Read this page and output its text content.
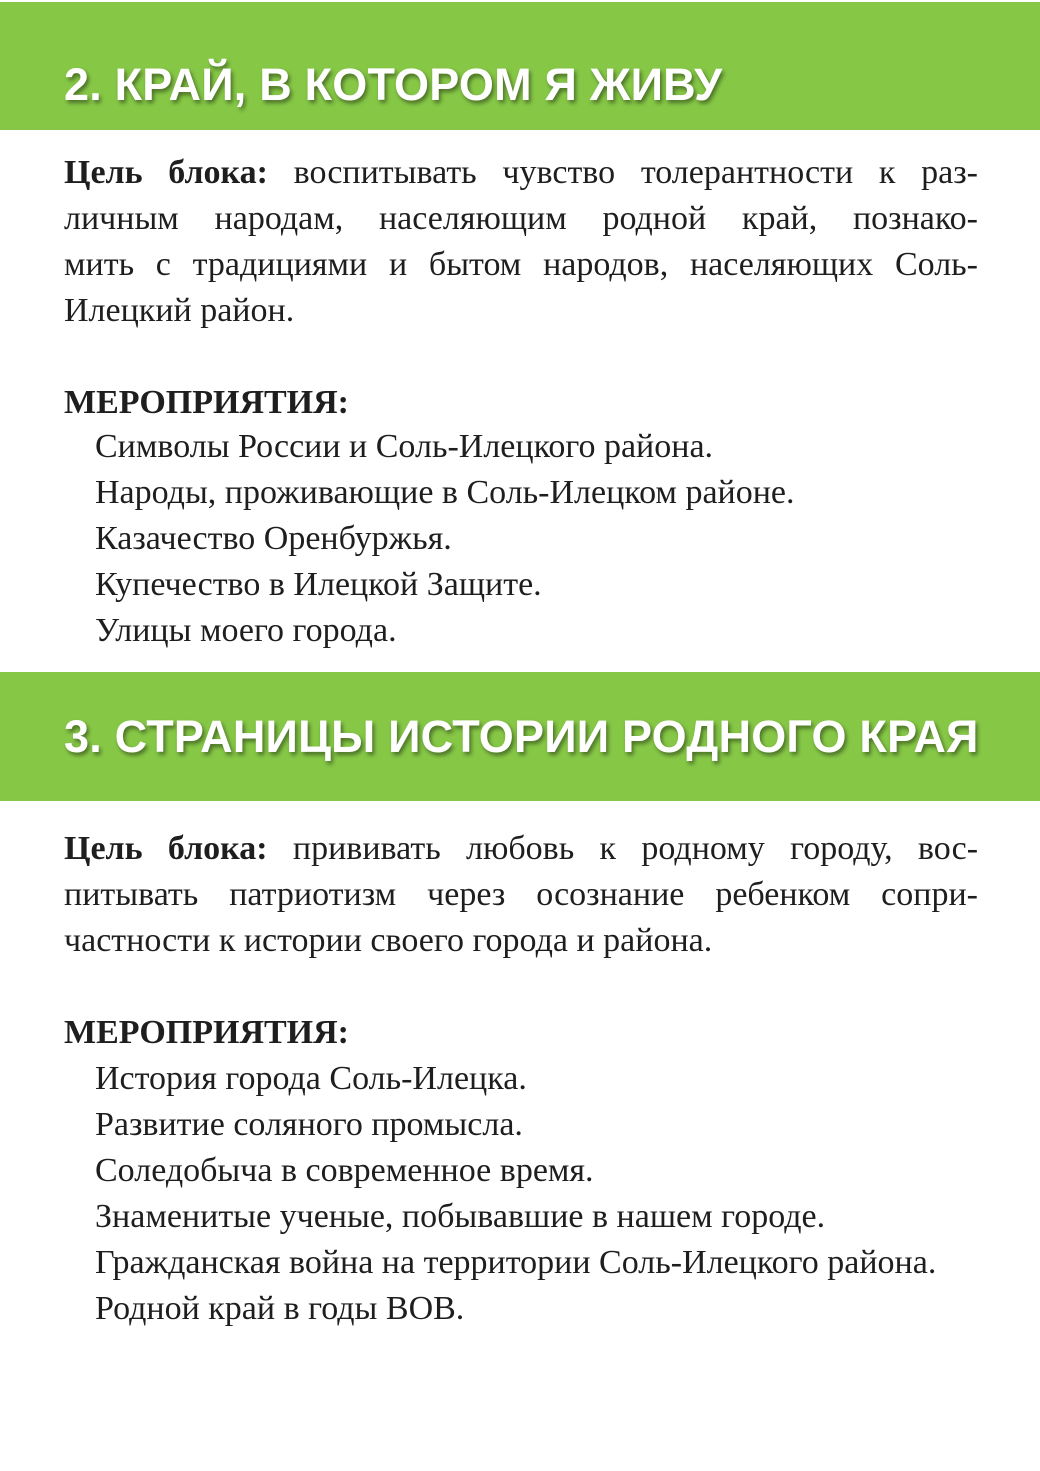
2. КРАЙ, В КОТОРОМ Я ЖИВУ

Цель блока: воспитывать чувство толерантности к раз-
личным народам, населяющим родной край, познако-
мить с традициями и бытом народов, населяющих Соль-
Илецкий район.

МЕРОПРИЯТИЯ:

Символы России и Соль-Илецкого района.
Народы, проживающие в Соль-Илецком районе.
Казачество Оренбуржья.
Купечество в Илецкой Защите.
Улицы моего города.
3. СТРАНИЦЫ ИСТОРИИ РОДНОГО КРАЯ

Цель блока: прививать любовь к родному городу, вос-
питывать патриотизм через осознание ребенком сопри-
частности к истории своего города и района.

МЕРОПРИЯТИЯ:

История города Соль-Илецка.
Развитие соляного промысла.
Соледобыча в современное время.
Знаменитые ученые, побывавшие в нашем городе.
Гражданская война на территории Соль-Илецкого района.
Родной край в годы ВОВ.
